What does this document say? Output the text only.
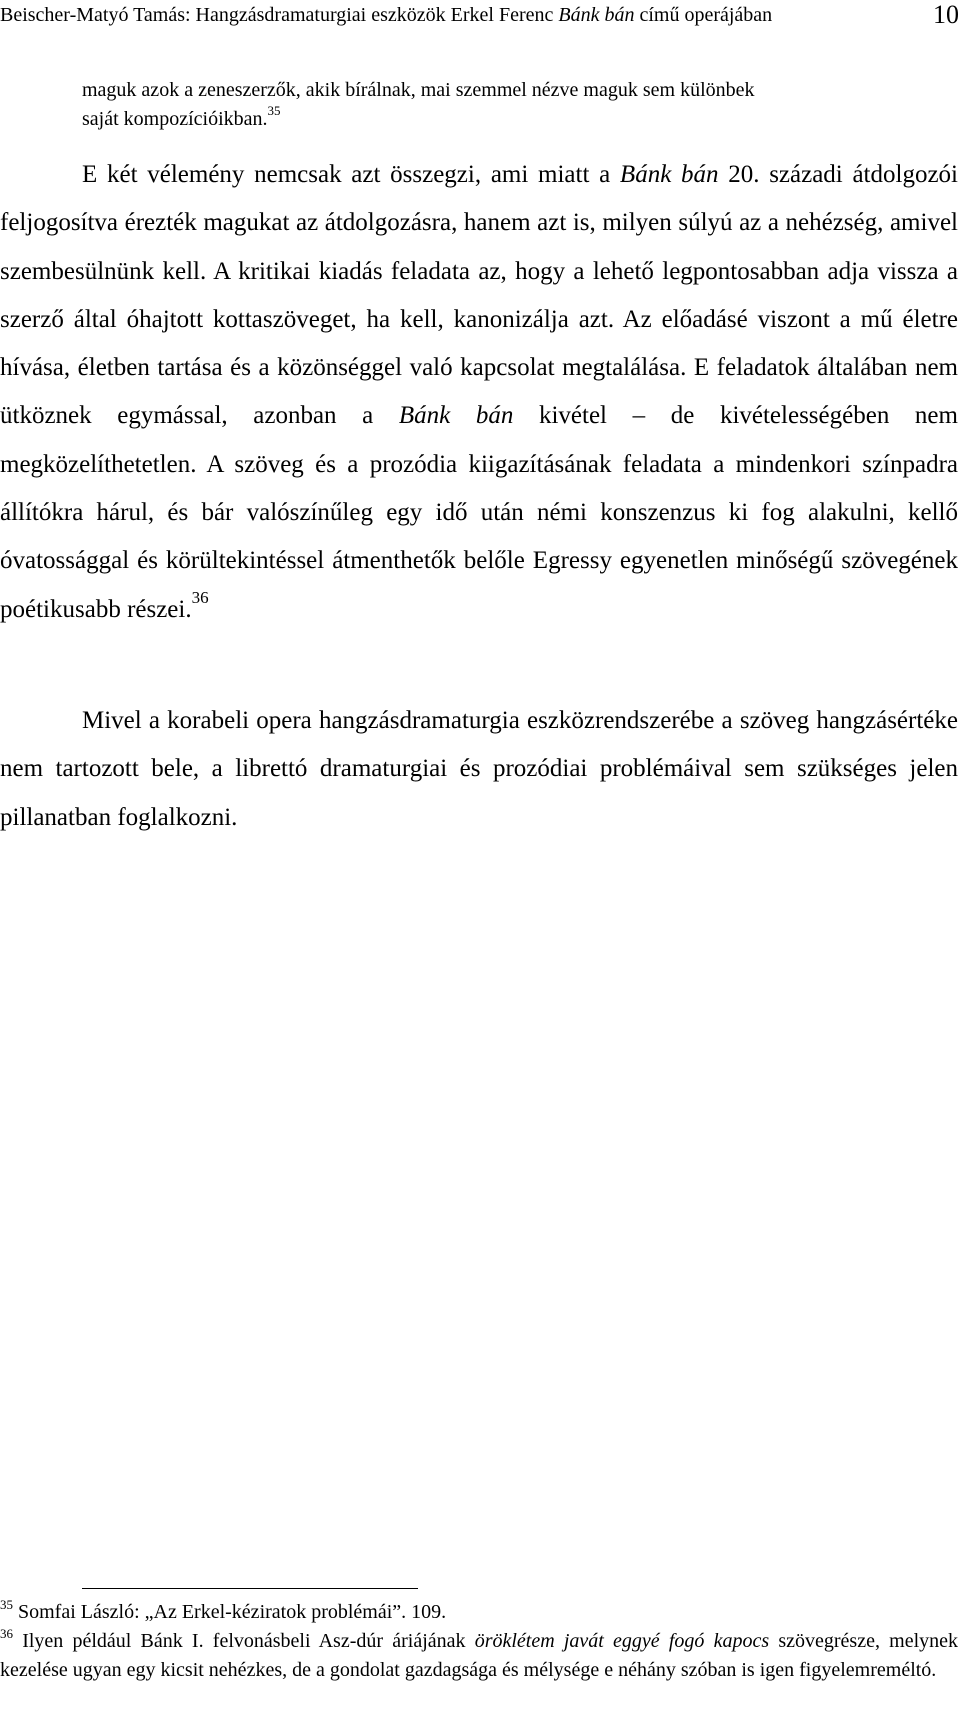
Beischer-Matyó Tamás: Hangzásdramaturgiai eszközök Erkel Ferenc Bánk bán című operájában	10
maguk azok a zeneszerzők, akik bírálnak, mai szemmel nézve maguk sem különbek
saját kompozícióikban.$^{35}$
E két vélemény nemcsak azt összegzi, ami miatt a Bánk bán 20. századi átdolgozói feljogosítva érezték magukat az átdolgozásra, hanem azt is, milyen súlyú az a nehézség, amivel szembesülnünk kell. A kritikai kiadás feladata az, hogy a lehető legpontosabban adja vissza a szerző által óhajtott kottaszöveget, ha kell, kanonizálja azt. Az előadásé viszont a mű életre hívása, életben tartása és a közönséggel való kapcsolat megtalálása. E feladatok általában nem ütköznek egymással, azonban a Bánk bán kivétel – de kivételességében nem megközelíthetetlen. A szöveg és a prozódia kiigazításának feladata a mindenkori színpadra állítókra hárul, és bár valószínűleg egy idő után némi konszenzus ki fog alakulni, kellő óvatossággal és körültekintéssel átmenthetők belőle Egressy egyenetlen minőségű szövegének poétikusabb részei.$^{36}$
Mivel a korabeli opera hangzásdramaturgia eszközrendszerébe a szöveg hangzásértéke nem tartozott bele, a librettó dramaturgiai és prozódiai problémáival sem szükséges jelen pillanatban foglalkozni.
$^{35}$ Somfai László: „Az Erkel-kéziratok problémái”. 109.
$^{36}$ Ilyen például Bánk I. felvonásbeli Asz-dúr áriájának öröklétem javát eggyé fogó kapocs szövegrésze, melynek kezelése ugyan egy kicsit nehézkes, de a gondolat gazdagsága és mélysége e néhány szóban is igen figyelemreméltó.
